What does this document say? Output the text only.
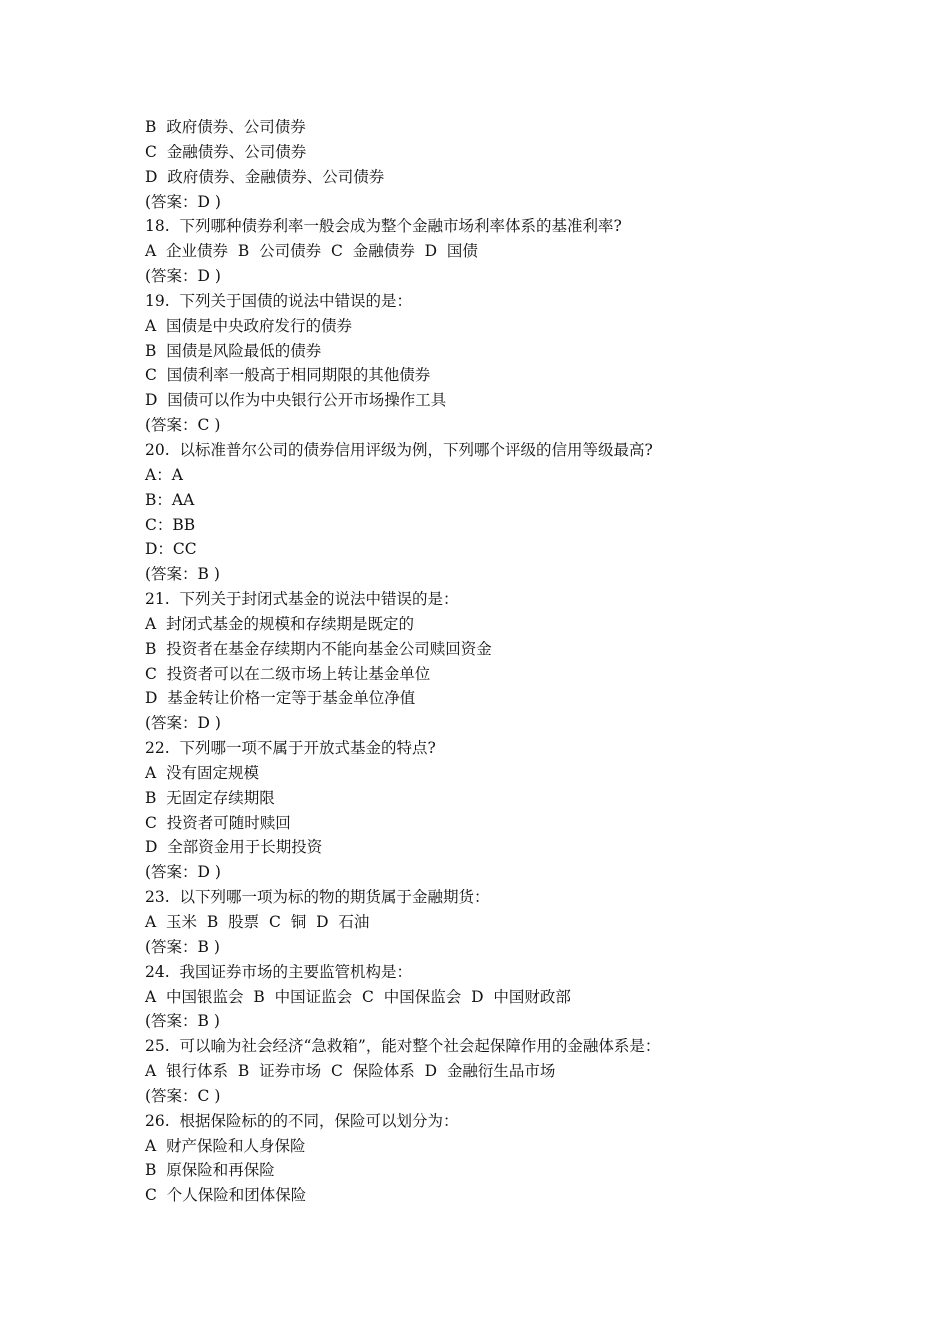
B  政府债券、公司债券
C  金融债券、公司债券
D  政府债券、金融债券、公司债券
(答案：D )
18.  下列哪种债券利率一般会成为整个金融市场利率体系的基准利率?
A  企业债券  B  公司债券  C  金融债券  D  国债
(答案：D )
19.  下列关于国债的说法中错误的是：
A  国债是中央政府发行的债券
B  国债是风险最低的债券
C  国债利率一般高于相同期限的其他债券
D  国债可以作为中央银行公开市场操作工具
(答案：C )
20.  以标准普尔公司的债券信用评级为例，下列哪个评级的信用等级最高?
A：A
B：AA
C：BB
D：CC
(答案：B )
21.  下列关于封闭式基金的说法中错误的是：
A  封闭式基金的规模和存续期是既定的
B  投资者在基金存续期内不能向基金公司赎回资金
C  投资者可以在二级市场上转让基金单位
D  基金转让价格一定等于基金单位净值
(答案：D )
22.  下列哪一项不属于开放式基金的特点?
A  没有固定规模
B  无固定存续期限
C  投资者可随时赎回
D  全部资金用于长期投资
(答案：D )
23.  以下列哪一项为标的物的期货属于金融期货：
A  玉米  B  股票  C  铜  D  石油
(答案：B )
24.  我国证券市场的主要监管机构是：
A  中国银监会  B  中国证监会  C  中国保监会  D  中国财政部
(答案：B )
25.  可以喻为社会经济“急救箱”，能对整个社会起保障作用的金融体系是：
A  银行体系  B  证券市场  C  保险体系  D  金融衍生品市场
(答案：C )
26.  根据保险标的的不同，保险可以划分为：
A  财产保险和人身保险
B  原保险和再保险
C  个人保险和团体保险
